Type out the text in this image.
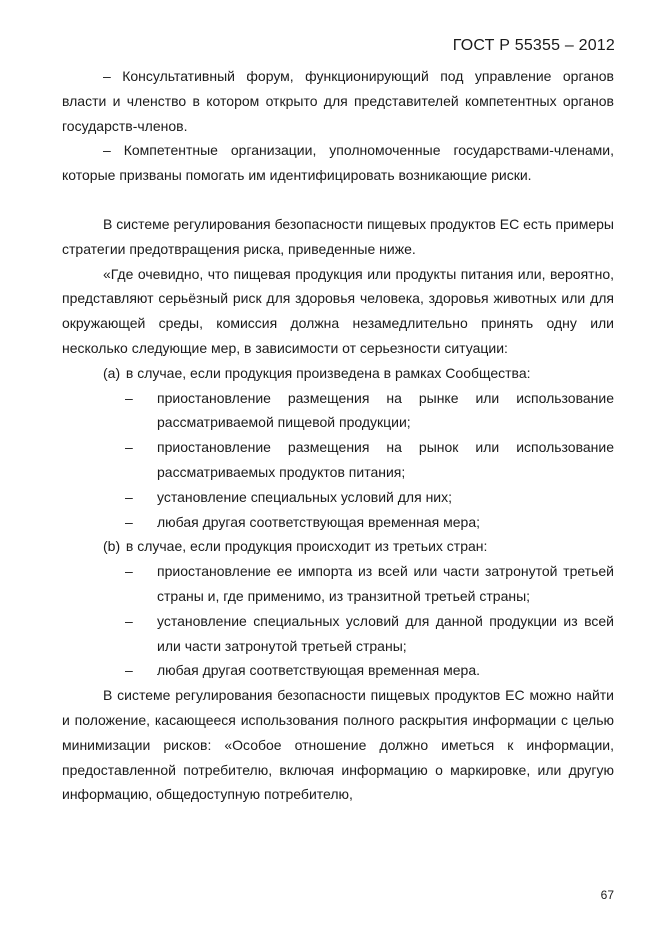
ГОСТ Р 55355 – 2012

– Консультативный форум, функционирующий под управление органов власти и членство в котором открыто для представителей компетентных органов государств-членов.

– Компетентные организации, уполномоченные государствами-членами, которые призваны помогать им идентифицировать возникающие риски.

В системе регулирования безопасности пищевых продуктов ЕС есть примеры стратегии предотвращения риска, приведенные ниже.

«Где очевидно, что пищевая продукция или продукты питания или, вероятно, представляют серьёзный риск для здоровья человека, здоровья животных или для окружающей среды, комиссия должна незамедлительно принять одну или несколько следующие мер, в зависимости от серьезности ситуации:

(a) в случае, если продукция произведена в рамках Сообщества:
– приостановление размещения на рынке или использование рассматриваемой пищевой продукции;
– приостановление размещения на рынок или использование рассматриваемых продуктов питания;
– установление специальных условий для них;
– любая другая соответствующая временная мера;
(b) в случае, если продукция происходит из третьих стран:
– приостановление ее импорта из всей или части затронутой третьей страны и, где применимо, из транзитной третьей страны;
– установление специальных условий для данной продукции из всей или части затронутой третьей страны;
– любая другая соответствующая временная мера.

В системе регулирования безопасности пищевых продуктов ЕС можно найти и положение, касающееся использования полного раскрытия информации с целью минимизации рисков: «Особое отношение должно иметься к информации, предоставленной потребителю, включая информацию о маркировке, или другую информацию, общедоступную потребителю,

67
